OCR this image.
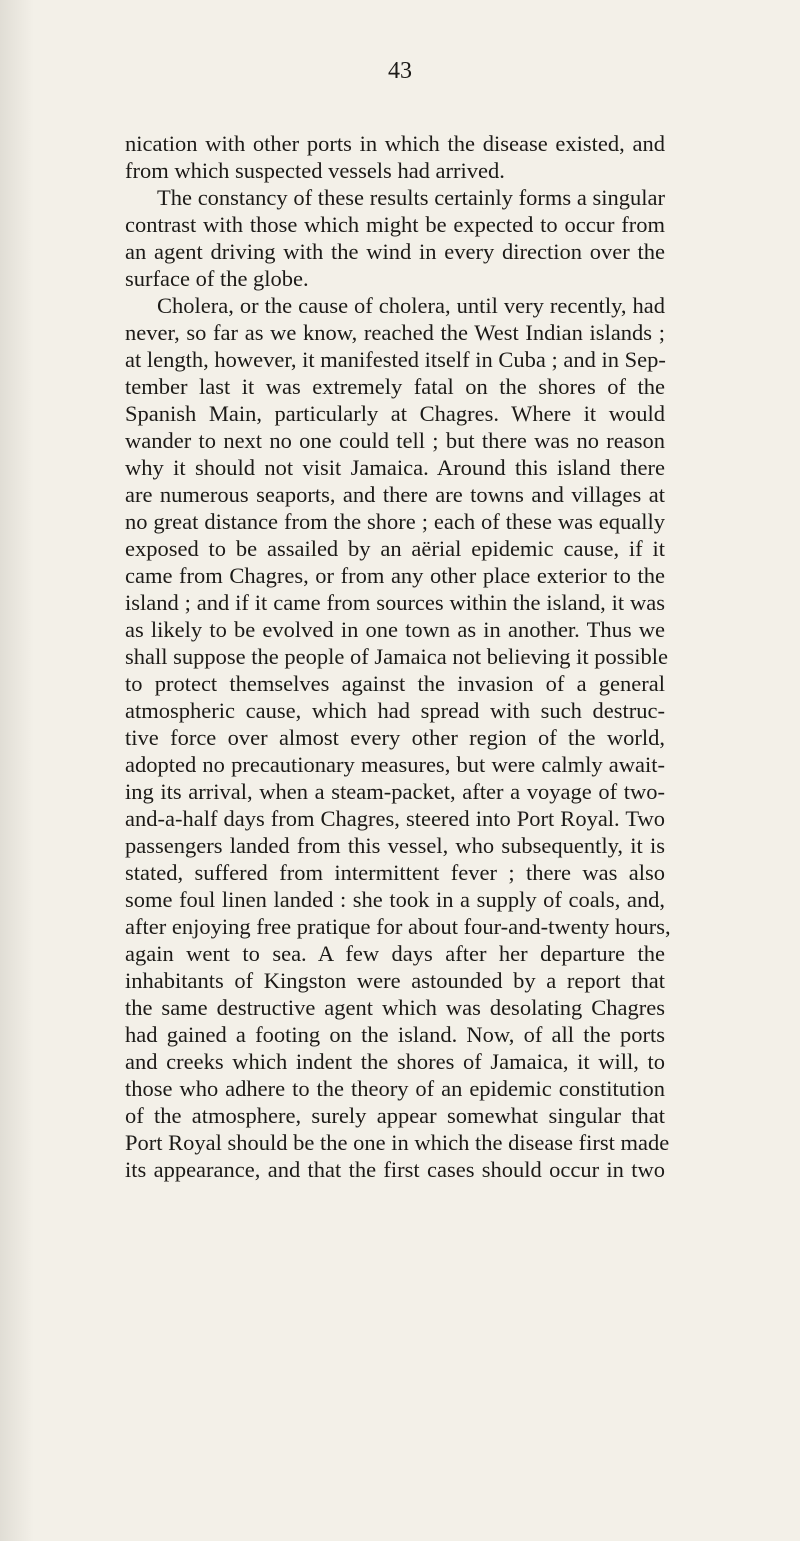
43
nication with other ports in which the disease existed, and
from which suspected vessels had arrived.
The constancy of these results certainly forms a singular
contrast with those which might be expected to occur from
an agent driving with the wind in every direction over the
surface of the globe.
Cholera, or the cause of cholera, until very recently, had
never, so far as we know, reached the West Indian islands ;
at length, however, it manifested itself in Cuba ; and in Sep-
tember last it was extremely fatal on the shores of the
Spanish Main, particularly at Chagres. Where it would
wander to next no one could tell ; but there was no reason
why it should not visit Jamaica. Around this island there
are numerous seaports, and there are towns and villages at
no great distance from the shore ; each of these was equally
exposed to be assailed by an aërial epidemic cause, if it
came from Chagres, or from any other place exterior to the
island ; and if it came from sources within the island, it was
as likely to be evolved in one town as in another. Thus we
shall suppose the people of Jamaica not believing it possible
to protect themselves against the invasion of a general
atmospheric cause, which had spread with such destruc-
tive force over almost every other region of the world,
adopted no precautionary measures, but were calmly await-
ing its arrival, when a steam-packet, after a voyage of two-
and-a-half days from Chagres, steered into Port Royal. Two
passengers landed from this vessel, who subsequently, it is
stated, suffered from intermittent fever ; there was also
some foul linen landed : she took in a supply of coals, and,
after enjoying free pratique for about four-and-twenty hours,
again went to sea. A few days after her departure the
inhabitants of Kingston were astounded by a report that
the same destructive agent which was desolating Chagres
had gained a footing on the island. Now, of all the ports
and creeks which indent the shores of Jamaica, it will, to
those who adhere to the theory of an epidemic constitution
of the atmosphere, surely appear somewhat singular that
Port Royal should be the one in which the disease first made
its appearance, and that the first cases should occur in two
